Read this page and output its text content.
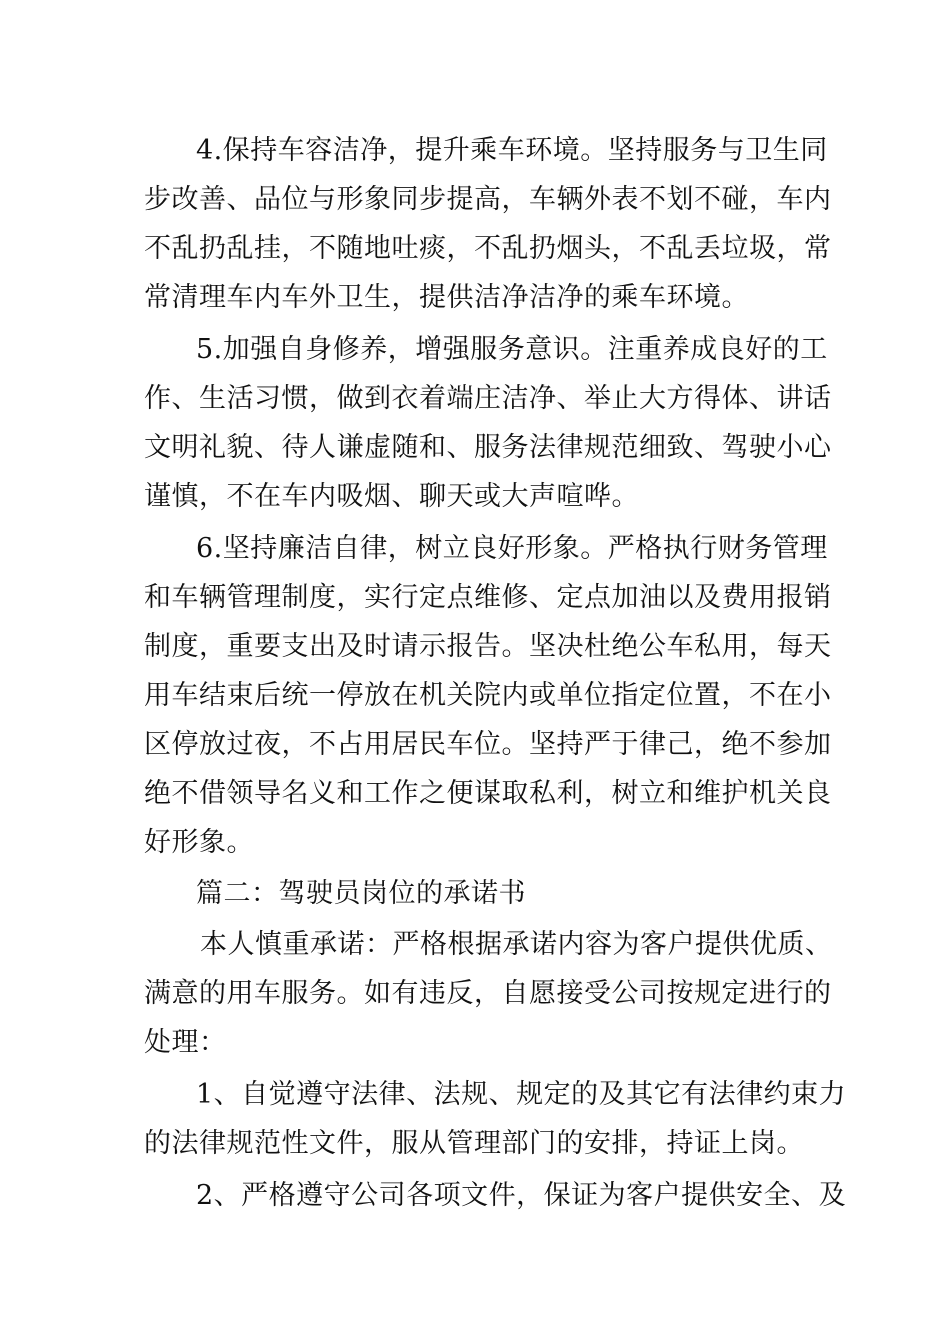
4.保持车容洁净，提升乘车环境。坚持服务与卫生同
步改善、品位与形象同步提高，车辆外表不划不碰，车内
不乱扔乱挂，不随地吐痰，不乱扔烟头，不乱丢垃圾，常
常清理车内车外卫生，提供洁净洁净的乘车环境。
5.加强自身修养，增强服务意识。注重养成良好的工
作、生活习惯，做到衣着端庄洁净、举止大方得体、讲话
文明礼貌、待人谦虚随和、服务法律规范细致、驾驶小心
谨慎，不在车内吸烟、聊天或大声喧哗。
6.坚持廉洁自律，树立良好形象。严格执行财务管理
和车辆管理制度，实行定点维修、定点加油以及费用报销
制度，重要支出及时请示报告。坚决杜绝公车私用，每天
用车结束后统一停放在机关院内或单位指定位置，不在小
区停放过夜，不占用居民车位。坚持严于律己，绝不参加
绝不借领导名义和工作之便谋取私利，树立和维护机关良
好形象。
篇二：驾驶员岗位的承诺书
本人慎重承诺：严格根据承诺内容为客户提供优质、
满意的用车服务。如有违反，自愿接受公司按规定进行的
处理：
1、自觉遵守法律、法规、规定的及其它有法律约束力
的法律规范性文件，服从管理部门的安排，持证上岗。
2、严格遵守公司各项文件，保证为客户提供安全、及
